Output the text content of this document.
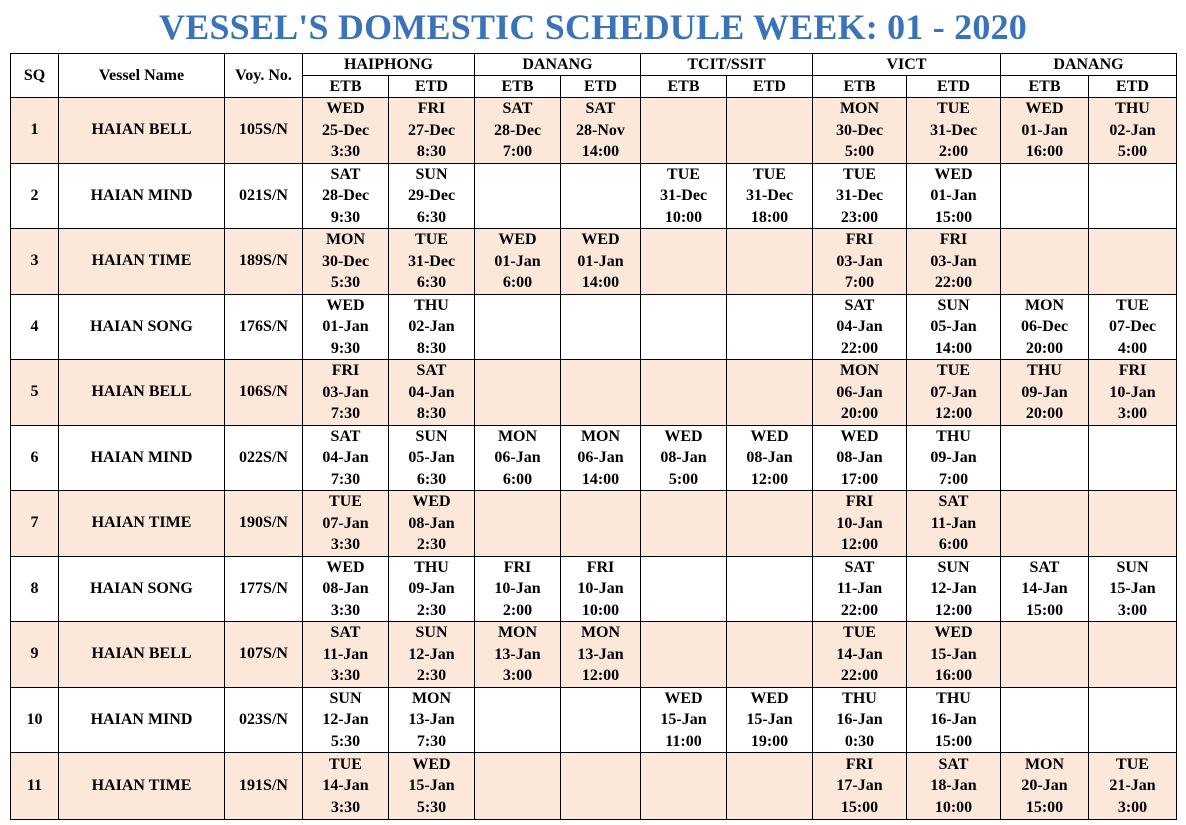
VESSEL'S DOMESTIC SCHEDULE WEEK: 01 - 2020
SQ	Vessel Name	Voy. No.	HAIPHONG		DANANG		TCIT/SSIT		VICT		DANANG	
			ETB	ETD	ETB	ETD	ETB	ETD	ETB	ETD	ETB	ETD
1	HAIAN BELL	105S/N	WED
25-Dec
3:30	FRI
27-Dec
8:30	SAT
28-Dec
7:00	SAT
28-Nov
14:00			MON
30-Dec
5:00	TUE
31-Dec
2:00	WED
01-Jan
16:00	THU
02-Jan
5:00

2	HAIAN MIND	021S/N	SAT
28-Dec
9:30	SUN
29-Dec
6:30			TUE
31-Dec
10:00	TUE
31-Dec
18:00	TUE
31-Dec
23:00	WED
01-Jan
15:00		

3	HAIAN TIME	189S/N	MON
30-Dec
5:30	TUE
31-Dec
6:30	WED
01-Jan
6:00	WED
01-Jan
14:00			FRI
03-Jan
7:00	FRI
03-Jan
22:00		

4	HAIAN SONG	176S/N	WED
01-Jan
9:30	THU
02-Jan
8:30					SAT
04-Jan
22:00	SUN
05-Jan
14:00	MON
06-Dec
20:00	TUE
07-Dec
4:00

5	HAIAN BELL	106S/N	FRI
03-Jan
7:30	SAT
04-Jan
8:30					MON
06-Jan
20:00	TUE
07-Jan
12:00	THU
09-Jan
20:00	FRI
10-Jan
3:00

6	HAIAN MIND	022S/N	SAT
04-Jan
7:30	SUN
05-Jan
6:30	MON
06-Jan
6:00	MON
06-Jan
14:00	WED
08-Jan
5:00	WED
08-Jan
12:00	WED
08-Jan
17:00	THU
09-Jan
7:00		

7	HAIAN TIME	190S/N	TUE
07-Jan
3:30	WED
08-Jan
2:30					FRI
10-Jan
12:00	SAT
11-Jan
6:00		

8	HAIAN SONG	177S/N	WED
08-Jan
3:30	THU
09-Jan
2:30	FRI
10-Jan
2:00	FRI
10-Jan
10:00			SAT
11-Jan
22:00	SUN
12-Jan
12:00	SAT
14-Jan
15:00	SUN
15-Jan
3:00

9	HAIAN BELL	107S/N	SAT
11-Jan
3:30	SUN
12-Jan
2:30	MON
13-Jan
3:00	MON
13-Jan
12:00			TUE
14-Jan
22:00	WED
15-Jan
16:00		

10	HAIAN MIND	023S/N	SUN
12-Jan
5:30	MON
13-Jan
7:30			WED
15-Jan
11:00	WED
15-Jan
19:00	THU
16-Jan
0:30	THU
16-Jan
15:00		

11	HAIAN TIME	191S/N	TUE
14-Jan
3:30	WED
15-Jan
5:30					FRI
17-Jan
15:00	SAT
18-Jan
10:00	MON
20-Jan
15:00	TUE
21-Jan
3:00
